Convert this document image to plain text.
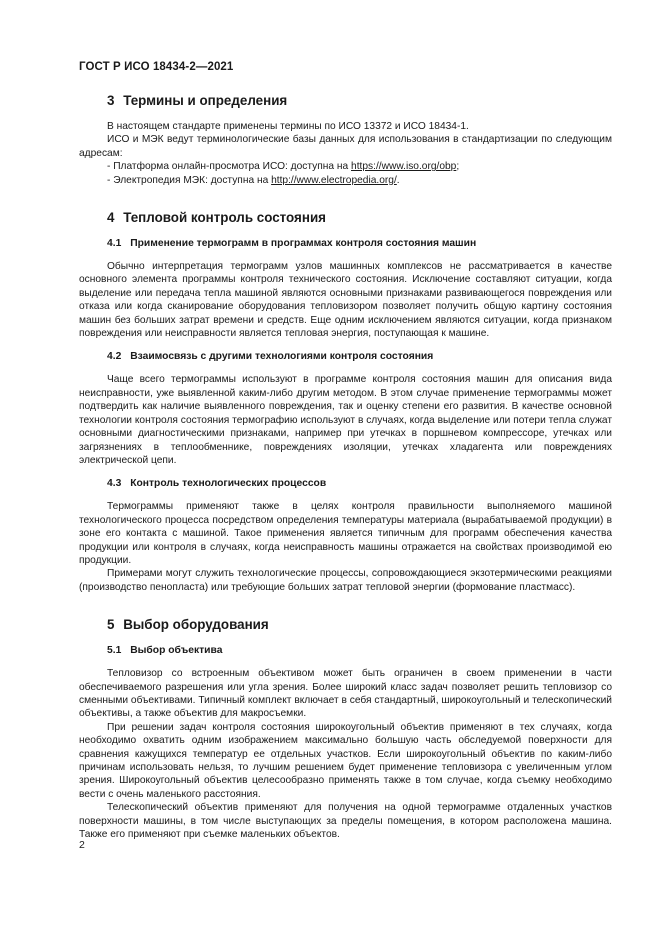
ГОСТ Р ИСО 18434-2—2021
3 Термины и определения

В настоящем стандарте применены термины по ИСО 13372 и ИСО 18434-1.

ИСО и МЭК ведут терминологические базы данных для использования в стандартизации по следующим адресам:

- Платформа онлайн-просмотра ИСО: доступна на https://www.iso.org/obp;

- Электропедия МЭК: доступна на http://www.electropedia.org/.

4 Тепловой контроль состояния
4.1 Применение термограмм в программах контроля состояния машин

Обычно интерпретация термограмм узлов машинных комплексов не рассматривается в качестве основного элемента программы контроля технического состояния. Исключение составляют ситуации, когда выделение или передача тепла машиной являются основными признаками развивающегося повреждения или отказа или когда сканирование оборудования тепловизором позволяет получить общую картину состояния машин без больших затрат времени и средств. Еще одним исключением являются ситуации, когда признаком повреждения или неисправности является тепловая энергия, поступающая к машине.

4.2 Взаимосвязь с другими технологиями контроля состояния

Чаще всего термограммы используют в программе контроля состояния машин для описания вида неисправности, уже выявленной каким-либо другим методом. В этом случае применение термограммы может подтвердить как наличие выявленного повреждения, так и оценку степени его развития. В качестве основной технологии контроля состояния термографию используют в случаях, когда выделение или потери тепла служат основными диагностическими признаками, например при утечках в поршневом компрессоре, утечках или загрязнениях в теплообменнике, повреждениях изоляции, утечках хладагента или повреждениях электрической цепи.

4.3 Контроль технологических процессов

Термограммы применяют также в целях контроля правильности выполняемого машиной технологического процесса посредством определения температуры материала (вырабатываемой продукции) в зоне его контакта с машиной. Такое применения является типичным для программ обеспечения качества продукции или контроля в случаях, когда неисправность машины отражается на свойствах производимой ею продукции.

Примерами могут служить технологические процессы, сопровождающиеся экзотермическими реакциями (производство пенопласта) или требующие больших затрат тепловой энергии (формование пластмасс).

5 Выбор оборудования
5.1 Выбор объектива

Тепловизор со встроенным объективом может быть ограничен в своем применении в части обеспечиваемого разрешения или угла зрения. Более широкий класс задач позволяет решить тепловизор со сменными объективами. Типичный комплект включает в себя стандартный, широкоугольный и телескопический объективы, а также объектив для макросъемки.

При решении задач контроля состояния широкоугольный объектив применяют в тех случаях, когда необходимо охватить одним изображением максимально большую часть обследуемой поверхности для сравнения кажущихся температур ее отдельных участков. Если широкоугольный объектив по каким-либо причинам использовать нельзя, то лучшим решением будет применение тепловизора с увеличенным углом зрения. Широкоугольный объектив целесообразно применять также в том случае, когда съемку необходимо вести с очень маленького расстояния.

Телескопический объектив применяют для получения на одной термограмме отдаленных участков поверхности машины, в том числе выступающих за пределы помещения, в котором расположена машина. Также его применяют при съемке маленьких объектов.

2
